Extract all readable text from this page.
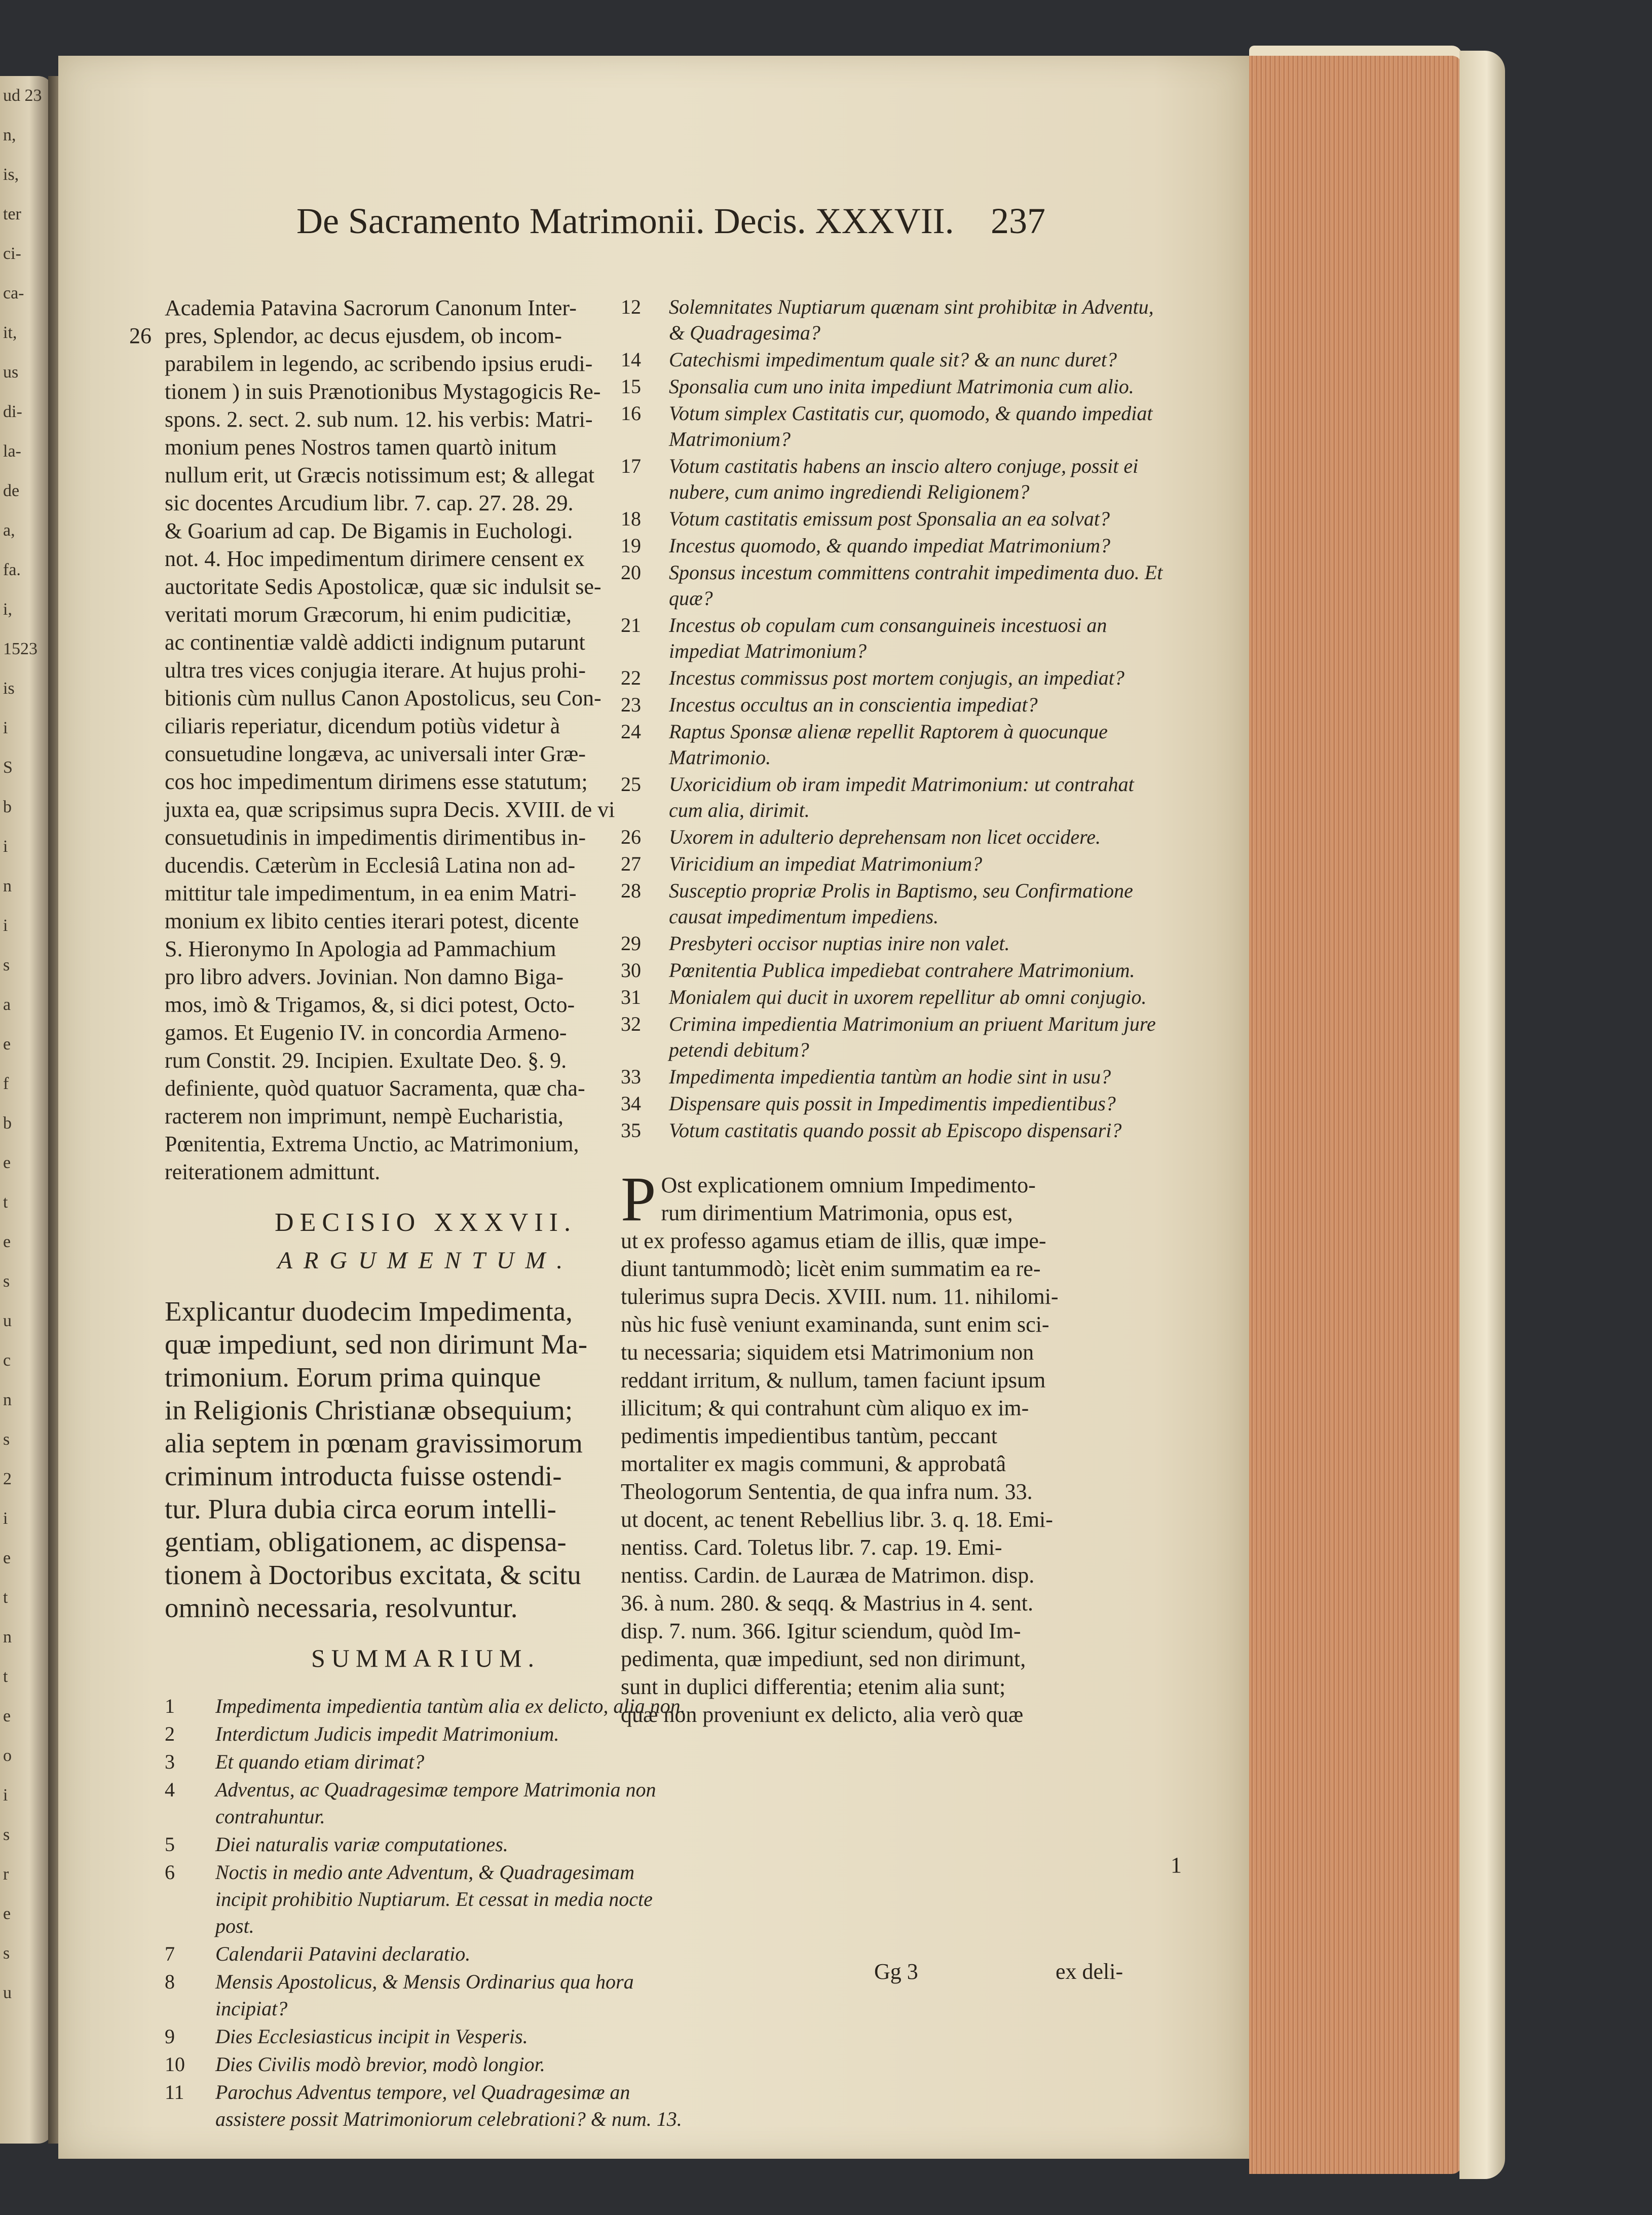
ud 23
n,
is,
ter
ci-
ca-
it,
us
di-
la-
de
a,
fa.
i,
1523
is
i
S
b
i
n
i
s
a
e
f
b
e
t
e
s
u
c
n
s
2
i
e
t
n
t
e
o
i
s
r
e
s
u
De Sacramento Matrimonii. Decis. XXXVII. 237
26
Academia Patavina Sacrorum Canonum Inter-
pres, Splendor, ac decus ejusdem, ob incom-
parabilem in legendo, ac scribendo ipsius erudi-
tionem ) in suis Prænotionibus Mystagogicis Re-
spons. 2. sect. 2. sub num. 12. his verbis: Matri-
monium penes Nostros tamen quartò initum
nullum erit, ut Græcis notissimum est; & allegat
sic docentes Arcudium libr. 7. cap. 27. 28. 29.
& Goarium ad cap. De Bigamis in Euchologi.
not. 4. Hoc impedimentum dirimere censent ex
auctoritate Sedis Apostolicæ, quæ sic indulsit se-
veritati morum Græcorum, hi enim pudicitiæ,
ac continentiæ valdè addicti indignum putarunt
ultra tres vices conjugia iterare. At hujus prohi-
bitionis cùm nullus Canon Apostolicus, seu Con-
ciliaris reperiatur, dicendum potiùs videtur à
consuetudine longæva, ac universali inter Græ-
cos hoc impedimentum dirimens esse statutum;
juxta ea, quæ scripsimus supra Decis. XVIII. de vi
consuetudinis in impedimentis dirimentibus in-
ducendis. Cæterùm in Ecclesiâ Latina non ad-
mittitur tale impedimentum, in ea enim Matri-
monium ex libito centies iterari potest, dicente
S. Hieronymo In Apologia ad Pammachium
pro libro advers. Jovinian. Non damno Biga-
mos, imò & Trigamos, &, si dici potest, Octo-
gamos. Et Eugenio IV. in concordia Armeno-
rum Constit. 29. Incipien. Exultate Deo. §. 9.
definiente, quòd quatuor Sacramenta, quæ cha-
racterem non imprimunt, nempè Eucharistia,
Pœnitentia, Extrema Unctio, ac Matrimonium,
reiterationem admittunt.
DECISIO XXXVII.
ARGUMENTUM.
Explicantur duodecim Impedimenta,
quæ impediunt, sed non dirimunt Ma-
trimonium. Eorum prima quinque
in Religionis Christianæ obsequium;
alia septem in pœnam gravissimorum
criminum introducta fuisse ostendi-
tur. Plura dubia circa eorum intelli-
gentiam, obligationem, ac dispensa-
tionem à Doctoribus excitata, & scitu
omninò necessaria, resolvuntur.
SUMMARIUM.
1 Impedimenta impedientia tantùm alia ex delicto, alia non.
2 Interdictum Judicis impedit Matrimonium.
3 Et quando etiam dirimat?
4 Adventus, ac Quadragesimæ tempore Matrimonia non contrahuntur.
5 Diei naturalis variæ computationes.
6 Noctis in medio ante Adventum, & Quadragesimam incipit prohibitio Nuptiarum. Et cessat in media nocte post.
7 Calendarii Patavini declaratio.
8 Mensis Apostolicus, & Mensis Ordinarius qua hora incipiat?
9 Dies Ecclesiasticus incipit in Vesperis.
10 Dies Civilis modò brevior, modò longior.
11 Parochus Adventus tempore, vel Quadragesimæ an assistere possit Matrimoniorum celebrationi? & num. 13.
12 Solemnitates Nuptiarum quænam sint prohibitæ in Adventu, & Quadragesima?
14 Catechismi impedimentum quale sit? & an nunc duret?
15 Sponsalia cum uno inita impediunt Matrimonia cum alio.
16 Votum simplex Castitatis cur, quomodo, & quando impediat Matrimonium?
17 Votum castitatis habens an inscio altero conjuge, possit ei nubere, cum animo ingrediendi Religionem?
18 Votum castitatis emissum post Sponsalia an ea solvat?
19 Incestus quomodo, & quando impediat Matrimonium?
20 Sponsus incestum committens contrahit impedimenta duo. Et quæ?
21 Incestus ob copulam cum consanguineis incestuosi an impediat Matrimonium?
22 Incestus commissus post mortem conjugis, an impediat?
23 Incestus occultus an in conscientia impediat?
24 Raptus Sponsæ alienæ repellit Raptorem à quocunque Matrimonio.
25 Uxoricidium ob iram impedit Matrimonium: ut contrahat cum alia, dirimit.
26 Uxorem in adulterio deprehensam non licet occidere.
27 Viricidium an impediat Matrimonium?
28 Susceptio propriæ Prolis in Baptismo, seu Confirmatione causat impedimentum impediens.
29 Presbyteri occisor nuptias inire non valet.
30 Pœnitentia Publica impediebat contrahere Matrimonium.
31 Monialem qui ducit in uxorem repellitur ab omni conjugio.
32 Crimina impedientia Matrimonium an priuent Maritum jure petendi debitum?
33 Impedimenta impedientia tantùm an hodie sint in usu?
34 Dispensare quis possit in Impedimentis impedientibus?
35 Votum castitatis quando possit ab Episcopo dispensari?
P Ost explicationem omnium Impedimento-
rum dirimentium Matrimonia, opus est,
ut ex professo agamus etiam de illis, quæ impe-
diunt tantummodò; licèt enim summatim ea re-
tulerimus supra Decis. XVIII. num. 11. nihilomi-
nùs hic fusè veniunt examinanda, sunt enim sci-
tu necessaria; siquidem etsi Matrimonium non
reddant irritum, & nullum, tamen faciunt ipsum
illicitum; & qui contrahunt cùm aliquo ex im-
pedimentis impedientibus tantùm, peccant
mortaliter ex magis communi, & approbatâ
Theologorum Sententia, de qua infra num. 33.
ut docent, ac tenent Rebellius libr. 3. q. 18. Emi-
nentiss. Card. Toletus libr. 7. cap. 19. Emi-
nentiss. Cardin. de Lauræa de Matrimon. disp.
36. à num. 280. & seqq. & Mastrius in 4. sent.
disp. 7. num. 366. Igitur sciendum, quòd Im-
pedimenta, quæ impediunt, sed non dirimunt,
sunt in duplici differentia; etenim alia sunt;
quæ non proveniunt ex delicto, alia verò quæ
1
Gg 3	ex deli-
